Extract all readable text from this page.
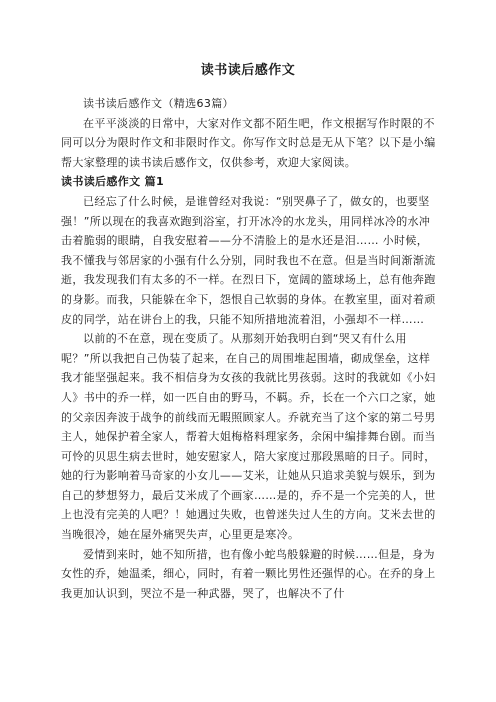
读书读后感作文

读书读后感作文（精选63篇）

在平平淡淡的日常中，大家对作文都不陌生吧，作文根据写作时限的不同可以分为限时作文和非限时作文。你写作文时总是无从下笔？以下是小编帮大家整理的读书读后感作文，仅供参考，欢迎大家阅读。

读书读后感作文 篇1

已经忘了什么时候，是谁曾经对我说：“别哭鼻子了，做女的，也要坚强！”所以现在的我喜欢跑到浴室，打开冰冷的水龙头，用同样冰冷的水冲击着脆弱的眼睛，自我安慰着——分不清脸上的是水还是泪…… 小时候，我不懂我与邻居家的小强有什么分别，同时我也不在意。但是当时间渐渐流逝，我发现我们有太多的不一样。在烈日下，宽阔的篮球场上，总有他奔跑的身影。而我，只能躲在伞下，怨恨自己软弱的身体。在教室里，面对着顽皮的同学，站在讲台上的我，只能不知所措地流着泪，小强却不一样……

以前的不在意，现在变质了。从那刻开始我明白到“哭又有什么用呢？”所以我把自己伪装了起来，在自己的周围堆起围墙，砌成堡垒，这样我才能坚强起来。我不相信身为女孩的我就比男孩弱。这时的我就如《小妇人》书中的乔一样，如一匹自由的野马，不羁。乔，长在一个六口之家，她的父亲因奔波于战争的前线而无暇照顾家人。乔就充当了这个家的第二号男主人，她保护着全家人，帮着大姐梅格料理家务，余闲中编排舞台剧。而当可怜的贝思生病去世时，她安慰家人，陪大家度过那段黑暗的日子。同时，她的行为影响着马奇家的小女儿——艾米，让她从只追求美貌与娱乐，到为自己的梦想努力，最后艾米成了个画家……是的，乔不是一个完美的人，世上也没有完美的人吧？！她遇过失败，也曾迷失过人生的方向。艾米去世的当晚很冷，她在屋外痛哭失声，心里更是寒冷。

爱情到来时，她不知所措，也有像小蛇鸟般躲避的时候……但是，身为女性的乔，她温柔，细心，同时，有着一颗比男性还强悍的心。在乔的身上我更加认识到，哭泣不是一种武器，哭了，也解决不了什
